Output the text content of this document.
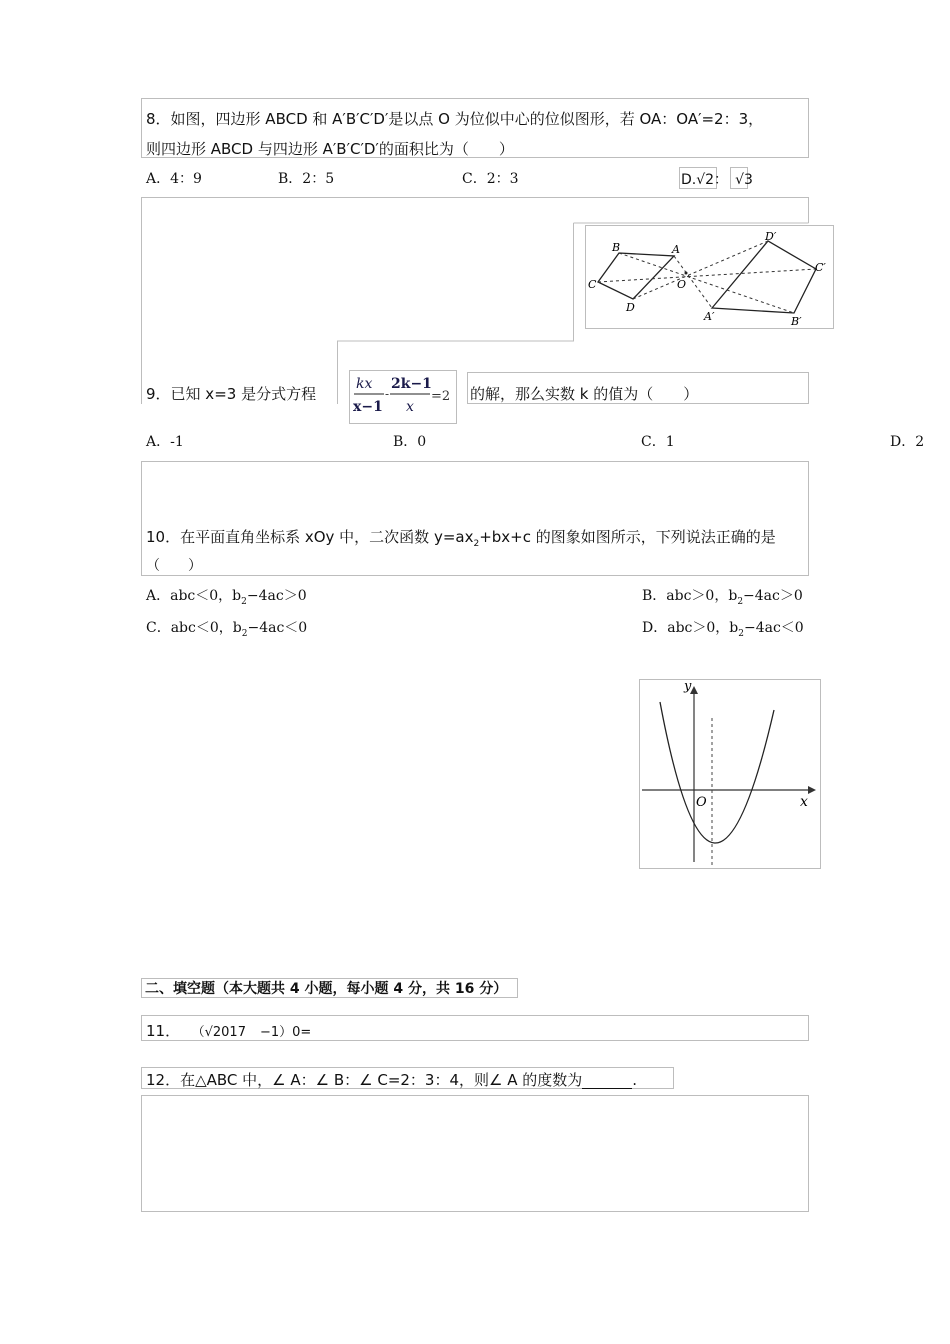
8．如图，四边形 ABCD 和 A′B′C′D′是以点 O 为位似中心的位似图形，若 OA：OA′=2：3，
则四边形 ABCD 与四边形 A′B′C′D′的面积比为（　　）
A．4：9	B．2：5	C．2：3	D.√2： √3
B	A
C
D
O
A′	B′
C′
D′
9．已知 x=3 是分式方程
kx
x−1
-
2k−1
x
=2 的解，那么实数 k 的值为（　　）
A．-1	B．0	C．1	D．2
10．在平面直角坐标系 xOy 中，二次函数 $y=ax_2+bx+c$ 的图象如图所示，下列说法正确的是
（　　）
A．abc＜0，$b_2-4ac>0$	B．abc＞0，$b_2-4ac>0$
C．abc＜0，$b_2-4ac<0$	D．abc＞0，$b_2-4ac<0$
x
y
O
二、填空题（本大题共 4 小题，每小题 4 分，共 16 分）
11． （√2017 −1）0=
12．在△ABC 中，∠ A：∠ B：∠ C=2：3：4，则∠ A 的度数为	.
